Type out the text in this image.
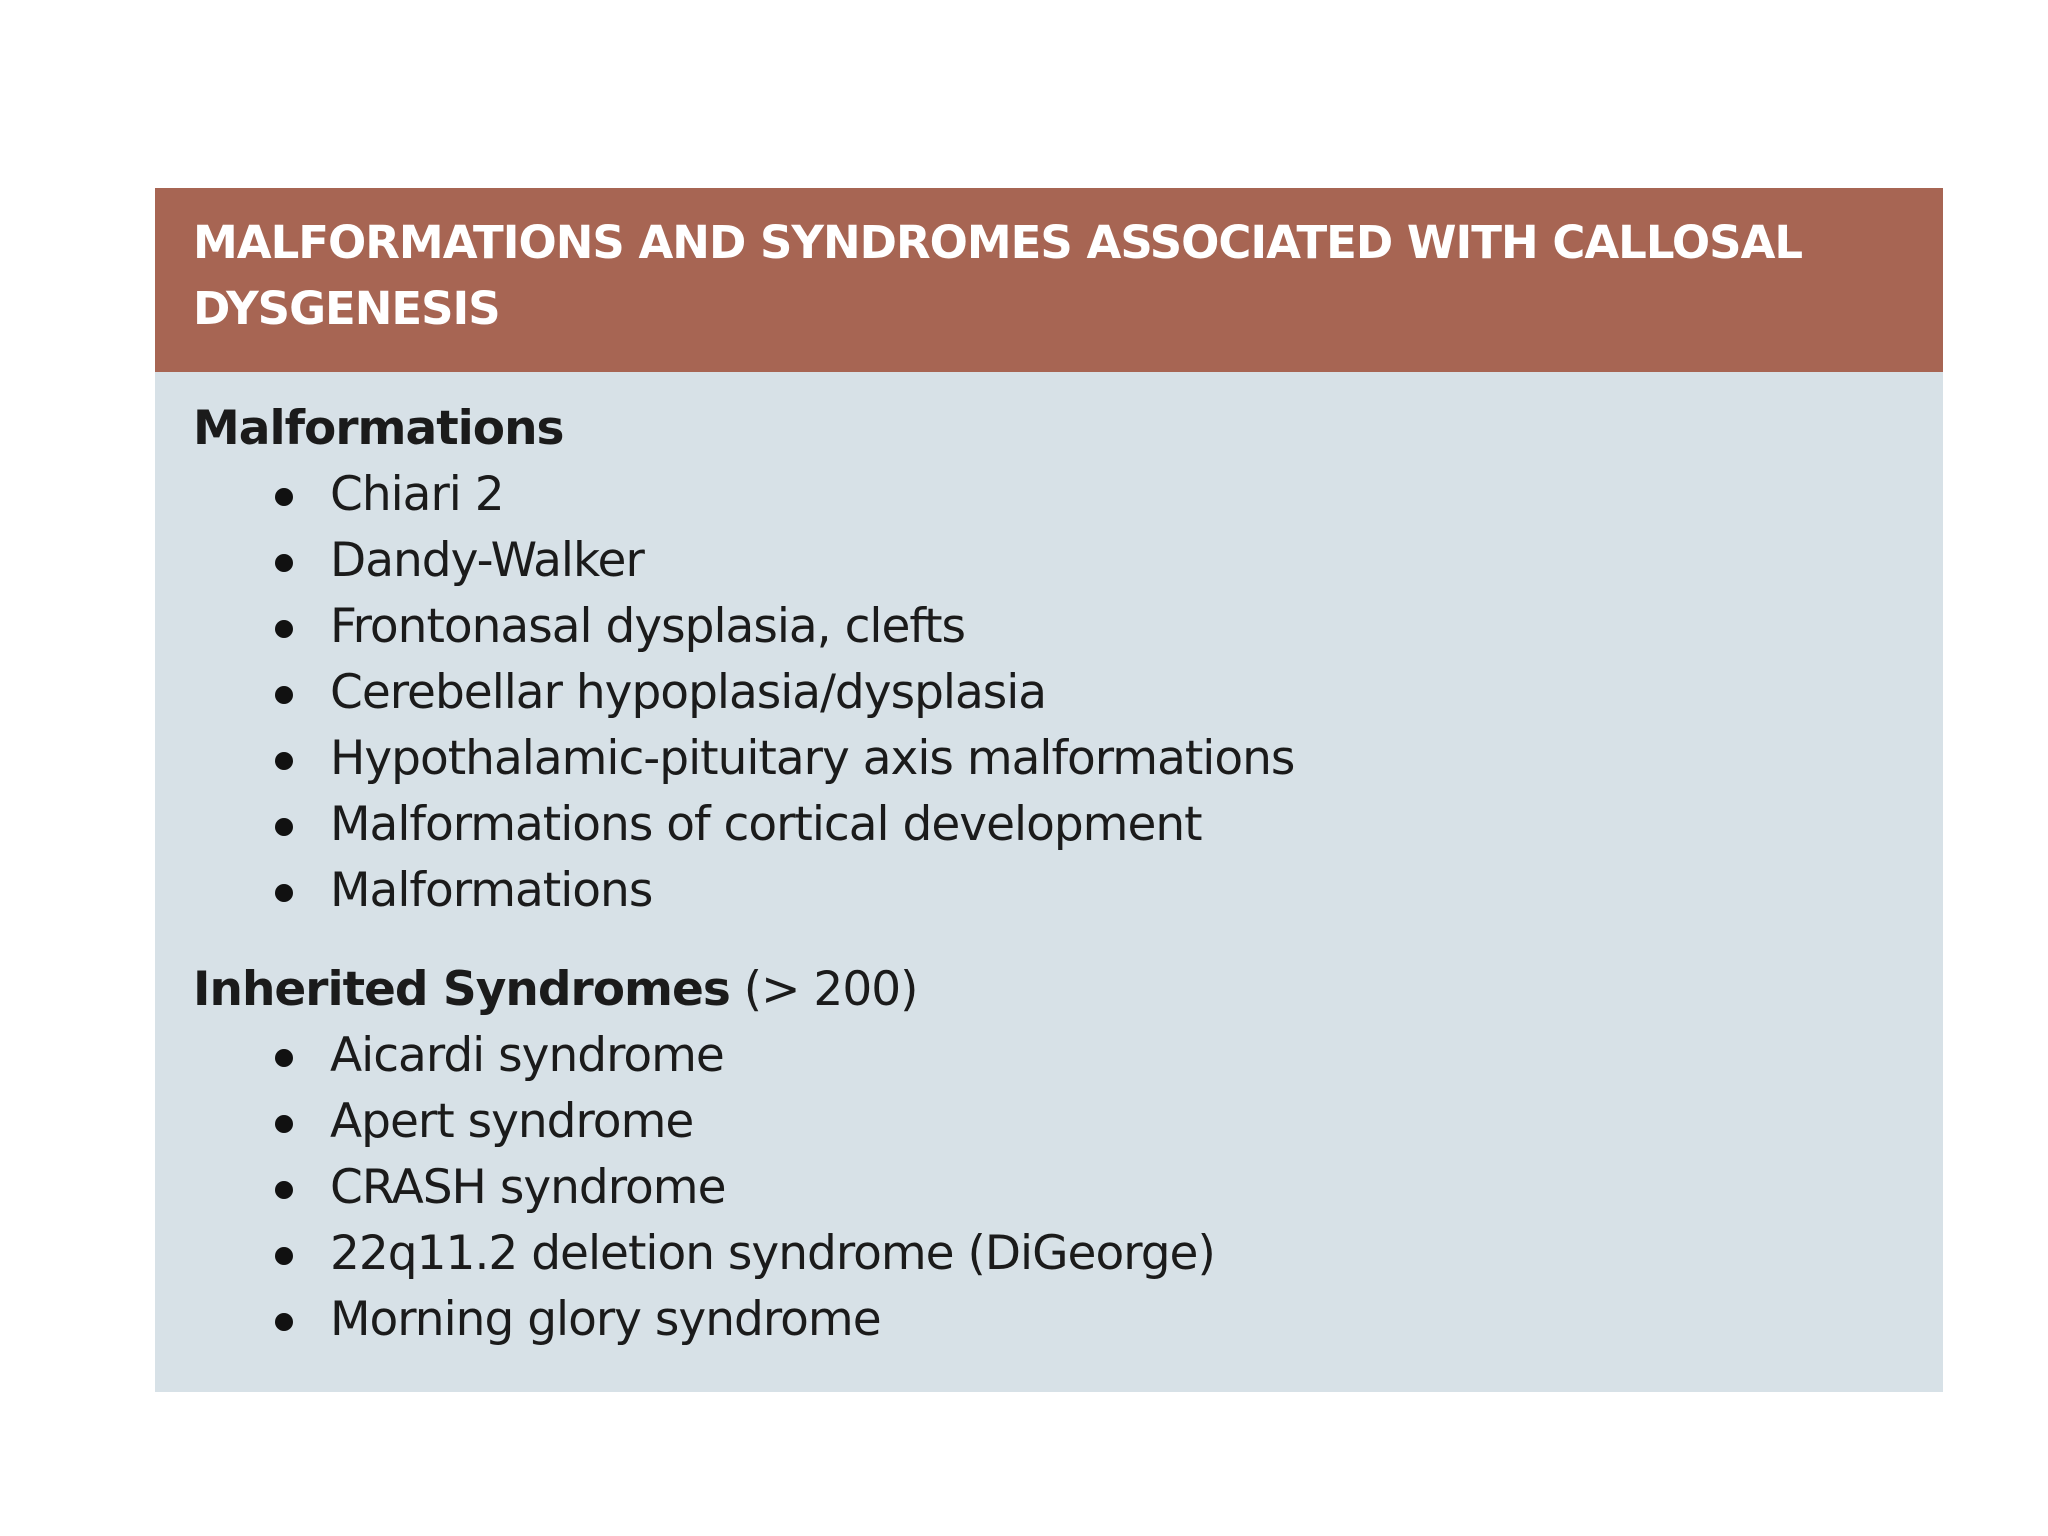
MALFORMATIONS AND SYNDROMES ASSOCIATED WITH CALLOSAL DYSGENESIS
Malformations
Chiari 2
Dandy-Walker
Frontonasal dysplasia, clefts
Cerebellar hypoplasia/dysplasia
Hypothalamic-pituitary axis malformations
Malformations of cortical development
Malformations
Inherited Syndromes (> 200)
Aicardi syndrome
Apert syndrome
CRASH syndrome
22q11.2 deletion syndrome (DiGeorge)
Morning glory syndrome
